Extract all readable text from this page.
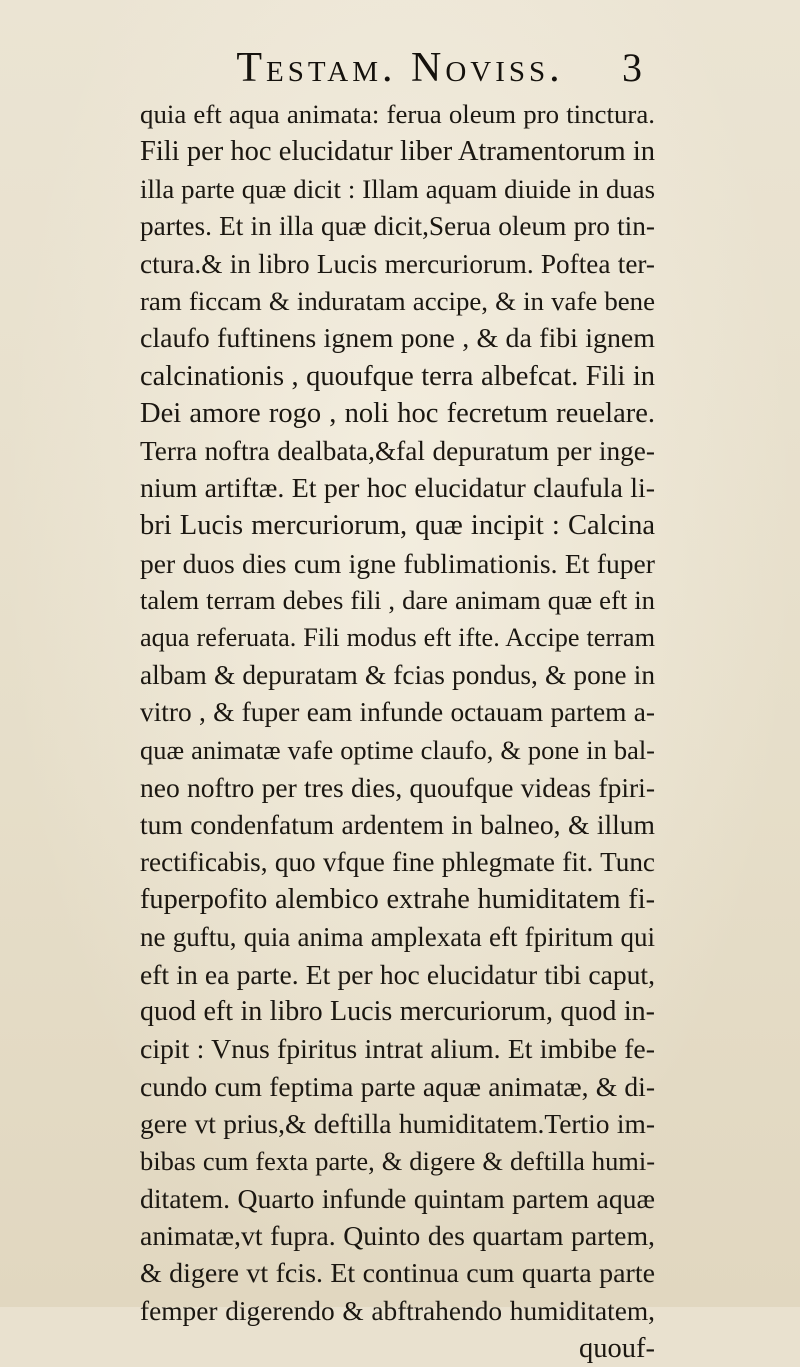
Testam. Noviss.	3
quia eft aqua animata: ferua oleum pro tinctura.
Fili per hoc elucidatur liber Atramentorum in
illa parte quæ dicit : Illam aquam diuide in duas
partes. Et in illa quæ dicit,Serua oleum pro tin-
ctura.& in libro Lucis mercuriorum. Poftea ter-
ram ficcam & induratam accipe, & in vafe bene
claufo fuftinens ignem pone , & da fibi ignem
calcinationis , quoufque terra albefcat. Fili in
Dei amore rogo , noli hoc fecretum reuelare.
Terra noftra dealbata,&fal depuratum per inge-
nium artiftæ. Et per hoc elucidatur claufula li-
bri Lucis mercuriorum, quæ incipit : Calcina
per duos dies cum igne fublimationis. Et fuper
talem terram debes fili , dare animam quæ eft in
aqua referuata. Fili modus eft ifte. Accipe terram
albam & depuratam & fcias pondus, & pone in
vitro , & fuper eam infunde octauam partem a-
quæ animatæ vafe optime claufo, & pone in bal-
neo noftro per tres dies, quoufque videas fpiri-
tum condenfatum ardentem in balneo, & illum
rectificabis, quo vfque fine phlegmate fit. Tunc
fuperpofito alembico extrahe humiditatem fi-
ne guftu, quia anima amplexata eft fpiritum qui
eft in ea parte. Et per hoc elucidatur tibi caput,
quod eft in libro Lucis mercuriorum, quod in-
cipit : Vnus fpiritus intrat alium. Et imbibe fe-
cundo cum feptima parte aquæ animatæ, & di-
gere vt prius,& deftilla humiditatem.Tertio im-
bibas cum fexta parte, & digere & deftilla humi-
ditatem. Quarto infunde quintam partem aquæ
animatæ,vt fupra. Quinto des quartam partem,
& digere vt fcis. Et continua cum quarta parte
femper digerendo & abftrahendo humiditatem,
quouf-
